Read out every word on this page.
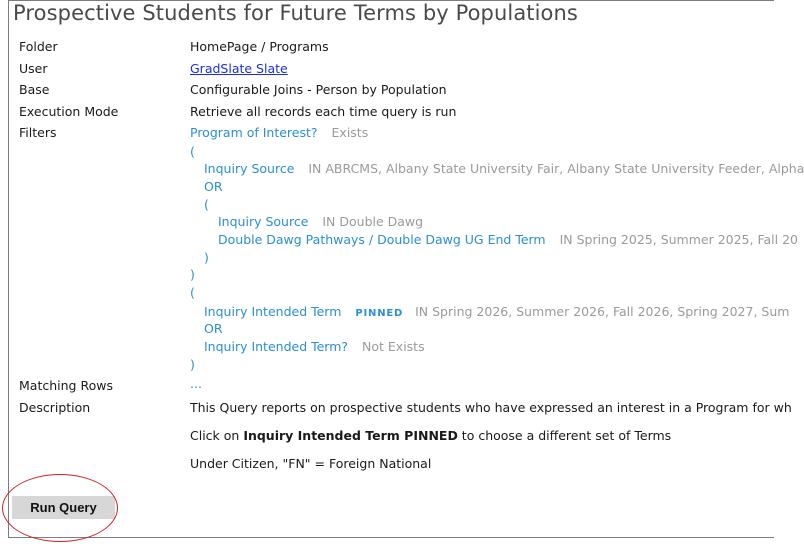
Prospective Students for Future Terms by Populations
Folder	HomePage / Programs
User	GradSlate Slate
Base	Configurable Joins - Person by Population
Execution Mode	Retrieve all records each time query is run
Filters	Program of Interest? Exists
(
Inquiry Source IN ABRCMS, Albany State University Fair, Albany State University Feeder, Alpha
OR
(
Inquiry Source IN Double Dawg
Double Dawg Pathways / Double Dawg UG End Term IN Spring 2025, Summer 2025, Fall 20
)
)
(
Inquiry Intended Term PINNED IN Spring 2026, Summer 2026, Fall 2026, Spring 2027, Sum
OR
Inquiry Intended Term? Not Exists
)
Matching Rows	...
Description	This Query reports on prospective students who have expressed an interest in a Program for wh
Click on Inquiry Intended Term PINNED to choose a different set of Terms
Under Citizen, "FN" = Foreign National
Run Query
